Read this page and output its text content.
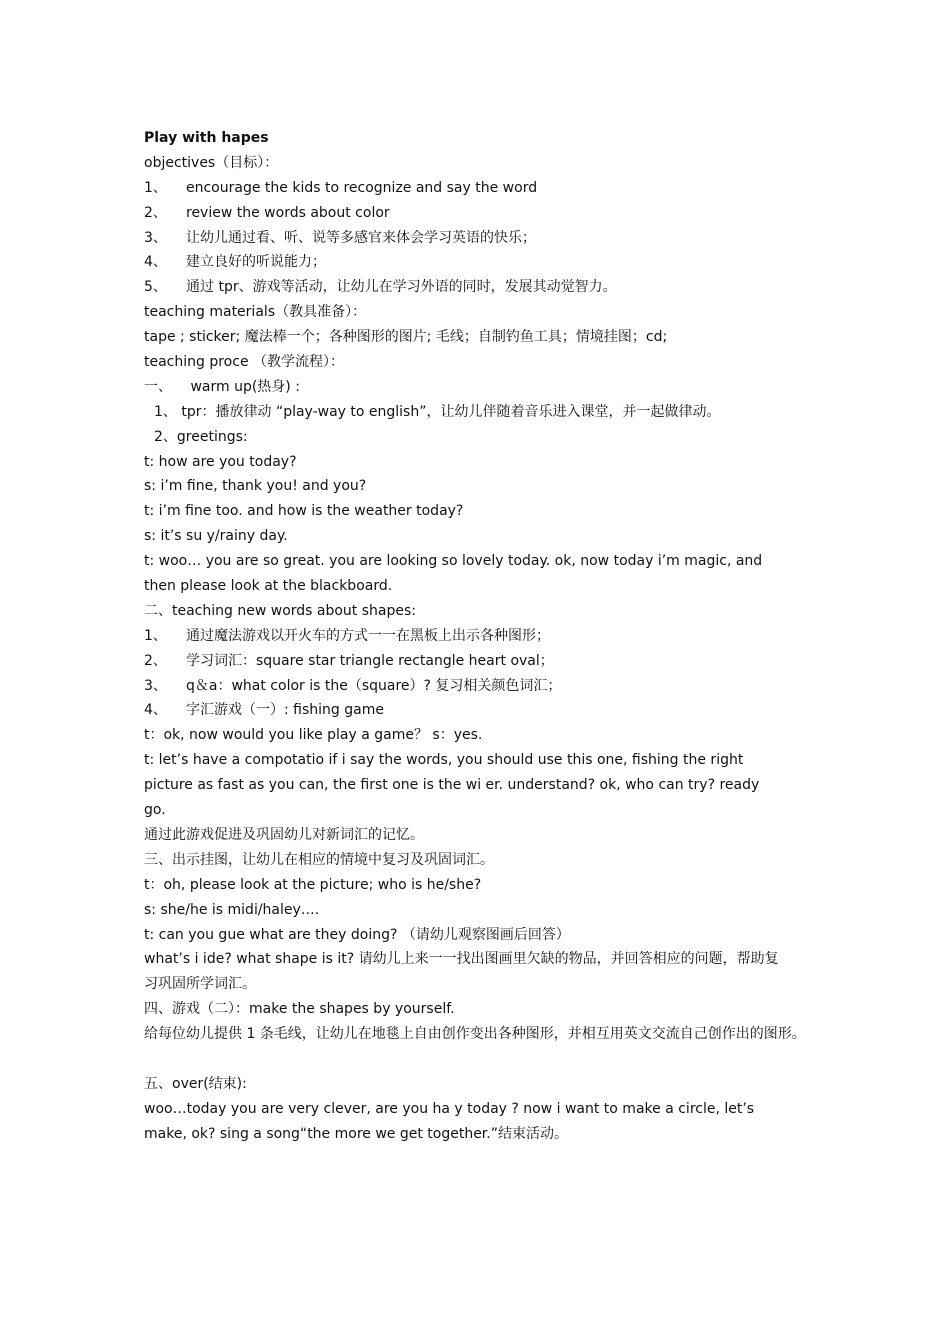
Play with hapes
objectives（目标）：
1、 encourage the kids to recognize and say the word
2、 review the words about color
3、 让幼儿通过看、听、说等多感官来体会学习英语的快乐；
4、 建立良好的听说能力；
5、 通过 tpr、游戏等活动，让幼儿在学习外语的同时，发展其动觉智力。
teaching materials（教具准备）：
tape ; sticker; 魔法棒一个；各种图形的图片; 毛线；自制钓鱼工具；情境挂图；cd;
teaching proce （教学流程）：
一、 warm up(热身) :
1、 tpr：播放律动 “play-way to english”，让幼儿伴随着音乐进入课堂，并一起做律动。
2、greetings:
t: how are you today?
s: i’m fine, thank you! and you?
t: i’m fine too. and how is the weather today?
s: it’s su y/rainy day.
t: woo… you are so great. you are looking so lovely today. ok, now today i’m magic, and
then please look at the blackboard.
二、teaching new words about shapes:
1、 通过魔法游戏以开火车的方式一一在黑板上出示各种图形；
2、 学习词汇：square star triangle rectangle heart oval；
3、 q＆a：what color is the（square）? 复习相关颜色词汇；
4、 字汇游戏（一）: fishing game
t：ok, now would you like play a game？ s：yes.
t: let’s have a compotatio if i say the words, you should use this one, fishing the right
picture as fast as you can, the first one is the wi er. understand? ok, who can try? ready
go.
通过此游戏促进及巩固幼儿对新词汇的记忆。
三、出示挂图，让幼儿在相应的情境中复习及巩固词汇。
t：oh, please look at the picture; who is he/she?
s: she/he is midi/haley….
t: can you gue what are they doing? （请幼儿观察图画后回答）
what’s i ide? what shape is it? 请幼儿上来一一找出图画里欠缺的物品，并回答相应的问题，帮助复
习巩固所学词汇。
四、游戏（二）：make the shapes by yourself.
给每位幼儿提供 1 条毛线，让幼儿在地毯上自由创作变出各种图形，并相互用英文交流自己创作出的图形。
五、over(结束):
woo…today you are very clever, are you ha y today ? now i want to make a circle, let’s
make, ok? sing a song“the more we get together.”结束活动。
